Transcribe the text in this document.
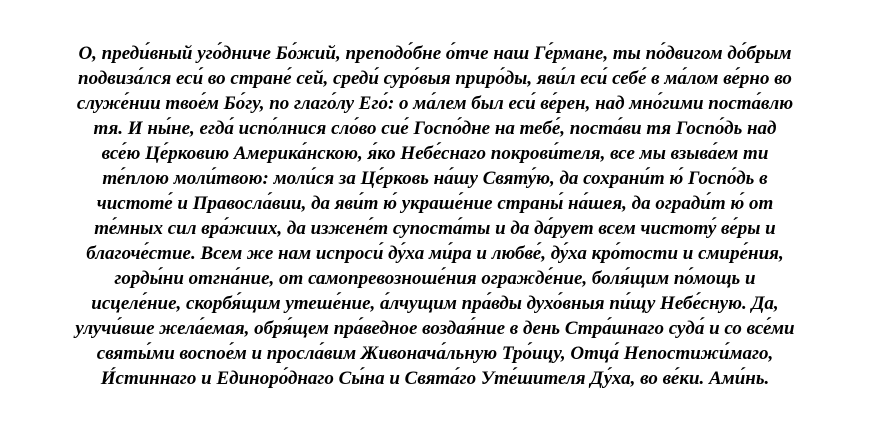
О, преди́вный уго́дниче Бо́жий, преподо́бне о́тче наш Ге́рмане, ты по́двигом до́брым
подвиза́лся еси́ во стране́ сей, среди́ суро́выя приро́ды, яви́л еси́ себе́ в ма́лом ве́рно во
служе́нии твое́м Бо́гу, по глаго́лу Его́: о ма́лем был еси́ ве́рен, над мно́гими поста́влю
тя. И ны́не, егда́ испо́лнися сло́во сие́ Госпо́дне на тебе́, поста́ви тя Госпо́дь над
все́ю Це́рковию Америка́нскою, я́ко Небе́снаго покрови́теля, все мы взыва́ем ти
те́плою моли́твою: моли́ся за Це́рковь на́шу Святу́ю, да сохрани́т ю́ Госпо́дь в
чистоте́ и Правосла́вии, да яви́т ю́ украше́ние страны́ на́шея, да огради́т ю́ от
те́мных сил вра́жиих, да изжене́т супоста́ты и да да́рует всем чистоту́ ве́ры и
благоче́стие. Всем же нам испроси́ ду́ха ми́ра и любве́, ду́ха кро́тости и смире́ния,
горды́ни отгна́ние, от самопревозноше́ния огражде́ние, боля́щим по́мощь и
исцеле́ние, скорбя́щим утеше́ние, а́лчущим пра́вды духо́вныя пи́щу Небе́сную. Да,
улучи́вше жела́емая, обря́щем пра́ведное воздая́ние в день Стра́шнаго суда́ и со все́ми
святы́ми воспое́м и просла́вим Живонача́льную Тро́ицу, Отца́ Непостижи́маго,
И́стиннаго и Единоро́днаго Сы́на и Свята́го Уте́шителя Ду́ха, во ве́ки. Ами́нь.
